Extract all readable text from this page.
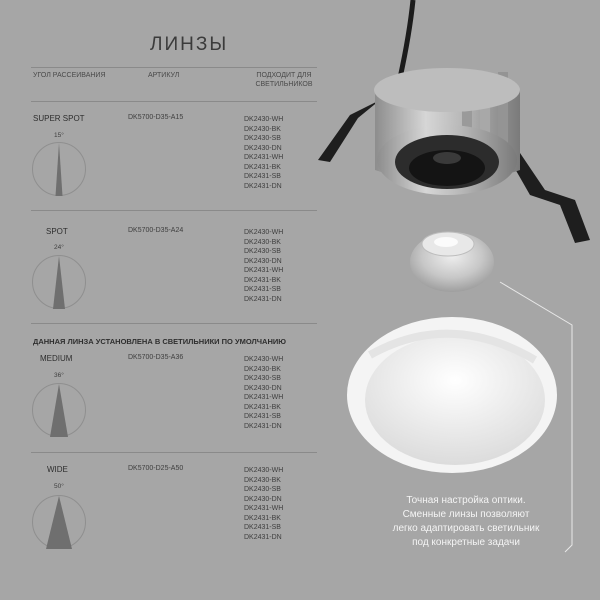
ЛИНЗЫ
УГОЛ РАССЕИВАНИЯ	АРТИКУЛ	ПОДХОДИТ ДЛЯ СВЕТИЛЬНИКОВ
ДАННАЯ ЛИНЗА УСТАНОВЛЕНА В СВЕТИЛЬНИКИ ПО УМОЛЧАНИЮ
SUPER SPOT
15°
DK5700-D35-A15	DK2430-WH
DK2430-BK
DK2430-SB
DK2430-DN
DK2431-WH
DK2431-BK
DK2431-SB
DK2431-DN
SPOT
24°
DK5700-D35-A24	DK2430-WH
DK2430-BK
DK2430-SB
DK2430-DN
DK2431-WH
DK2431-BK
DK2431-SB
DK2431-DN
MEDIUM
36°
DK5700-D35-A36	DK2430-WH
DK2430-BK
DK2430-SB
DK2430-DN
DK2431-WH
DK2431-BK
DK2431-SB
DK2431-DN
WIDE
50°
DK5700-D25-A50	DK2430-WH
DK2430-BK
DK2430-SB
DK2430-DN
DK2431-WH
DK2431-BK
DK2431-SB
DK2431-DN
Точная настройка оптики.
Сменные линзы позволяют
легко адаптировать светильник
под конкретные задачи
